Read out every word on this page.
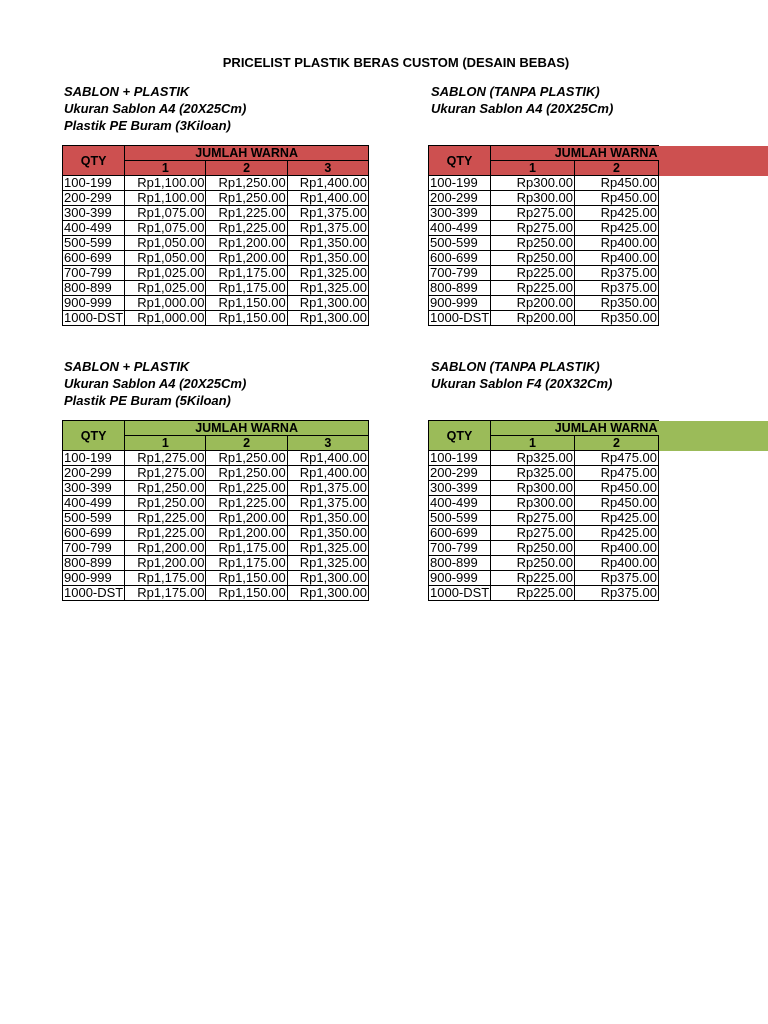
PRICELIST PLASTIK BERAS CUSTOM (DESAIN BEBAS)
SABLON + PLASTIK
Ukuran Sablon A4 (20X25Cm)
Plastik PE Buram (3Kiloan)
QTY	JUMLAH WARNA		
	1	2	3
100-199	Rp1,100.00	Rp1,250.00	Rp1,400.00
200-299	Rp1,100.00	Rp1,250.00	Rp1,400.00
300-399	Rp1,075.00	Rp1,225.00	Rp1,375.00
400-499	Rp1,075.00	Rp1,225.00	Rp1,375.00
500-599	Rp1,050.00	Rp1,200.00	Rp1,350.00
600-699	Rp1,050.00	Rp1,200.00	Rp1,350.00
700-799	Rp1,025.00	Rp1,175.00	Rp1,325.00
800-899	Rp1,025.00	Rp1,175.00	Rp1,325.00
900-999	Rp1,000.00	Rp1,150.00	Rp1,300.00
1000-DST	Rp1,000.00	Rp1,150.00	Rp1,300.00
SABLON (TANPA PLASTIK)
Ukuran Sablon A4 (20X25Cm)
QTY	JUMLAH WARNA	
	1	2
100-199	Rp300.00	Rp450.00
200-299	Rp300.00	Rp450.00
300-399	Rp275.00	Rp425.00
400-499	Rp275.00	Rp425.00
500-599	Rp250.00	Rp400.00
600-699	Rp250.00	Rp400.00
700-799	Rp225.00	Rp375.00
800-899	Rp225.00	Rp375.00
900-999	Rp200.00	Rp350.00
1000-DST	Rp200.00	Rp350.00
SABLON + PLASTIK
Ukuran Sablon A4 (20X25Cm)
Plastik PE Buram (5Kiloan)
QTY	JUMLAH WARNA		
	1	2	3
100-199	Rp1,275.00	Rp1,250.00	Rp1,400.00
200-299	Rp1,275.00	Rp1,250.00	Rp1,400.00
300-399	Rp1,250.00	Rp1,225.00	Rp1,375.00
400-499	Rp1,250.00	Rp1,225.00	Rp1,375.00
500-599	Rp1,225.00	Rp1,200.00	Rp1,350.00
600-699	Rp1,225.00	Rp1,200.00	Rp1,350.00
700-799	Rp1,200.00	Rp1,175.00	Rp1,325.00
800-899	Rp1,200.00	Rp1,175.00	Rp1,325.00
900-999	Rp1,175.00	Rp1,150.00	Rp1,300.00
1000-DST	Rp1,175.00	Rp1,150.00	Rp1,300.00
SABLON (TANPA PLASTIK)
Ukuran Sablon F4 (20X32Cm)
QTY	JUMLAH WARNA	
	1	2
100-199	Rp325.00	Rp475.00
200-299	Rp325.00	Rp475.00
300-399	Rp300.00	Rp450.00
400-499	Rp300.00	Rp450.00
500-599	Rp275.00	Rp425.00
600-699	Rp275.00	Rp425.00
700-799	Rp250.00	Rp400.00
800-899	Rp250.00	Rp400.00
900-999	Rp225.00	Rp375.00
1000-DST	Rp225.00	Rp375.00
